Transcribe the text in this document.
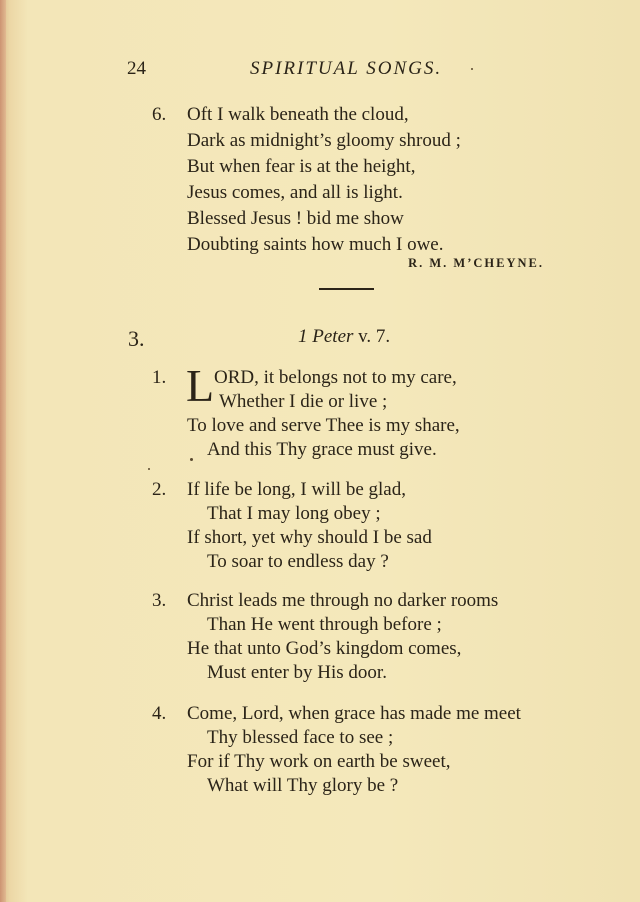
24	SPIRITUAL SONGS.
6. Oft I walk beneath the cloud,
Dark as midnight’s gloomy shroud ;
But when fear is at the height,
Jesus comes, and all is light.
Blessed Jesus ! bid me show
Doubting saints how much I owe.
R. M. M’CHEYNE.
3.	1 Peter v. 7.
1. L ORD, it belongs not to my care,
Whether I die or live ;
To love and serve Thee is my share,
And this Thy grace must give.
2. If life be long, I will be glad,
That I may long obey ;
If short, yet why should I be sad
To soar to endless day ?
3. Christ leads me through no darker rooms
Than He went through before ;
He that unto God’s kingdom comes,
Must enter by His door.
4. Come, Lord, when grace has made me meet
Thy blessed face to see ;
For if Thy work on earth be sweet,
What will Thy glory be ?
